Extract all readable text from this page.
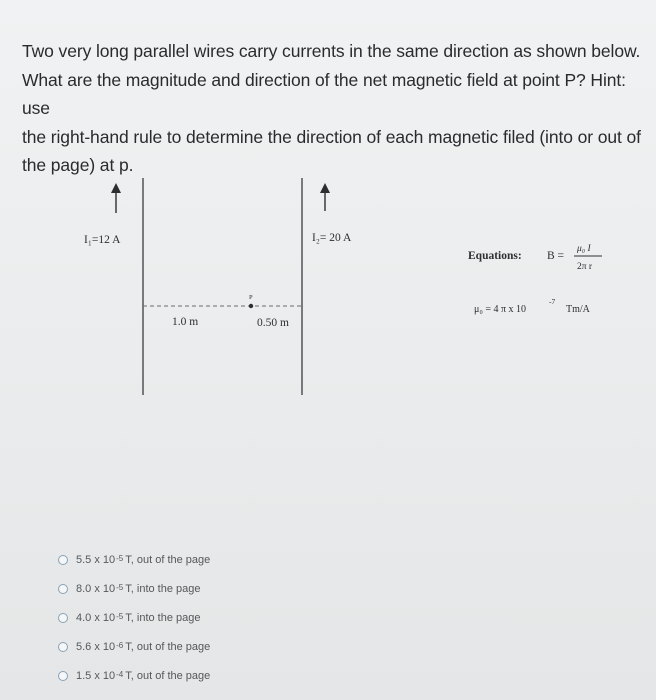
Two very long parallel wires carry currents in the same direction as shown below.
What are the magnitude and direction of the net magnetic field at point P? Hint: use
the right-hand rule to determine the direction of each magnetic filed (into or out of
the page) at p.
I₁=12 A	I₂= 20 A
P
1.0 m	0.50 m
Equations: B =
μ₀ I
2π r
μ₀ = 4 π x 10
-7
Tm/A
5.5 x $10^{-5}$ T, out of the page
8.0 x $10^{-5}$ T, into the page
4.0 x $10^{-5}$ T, into the page
5.6 x $10^{-6}$ T, out of the page
1.5 x $10^{-4}$ T, out of the page
